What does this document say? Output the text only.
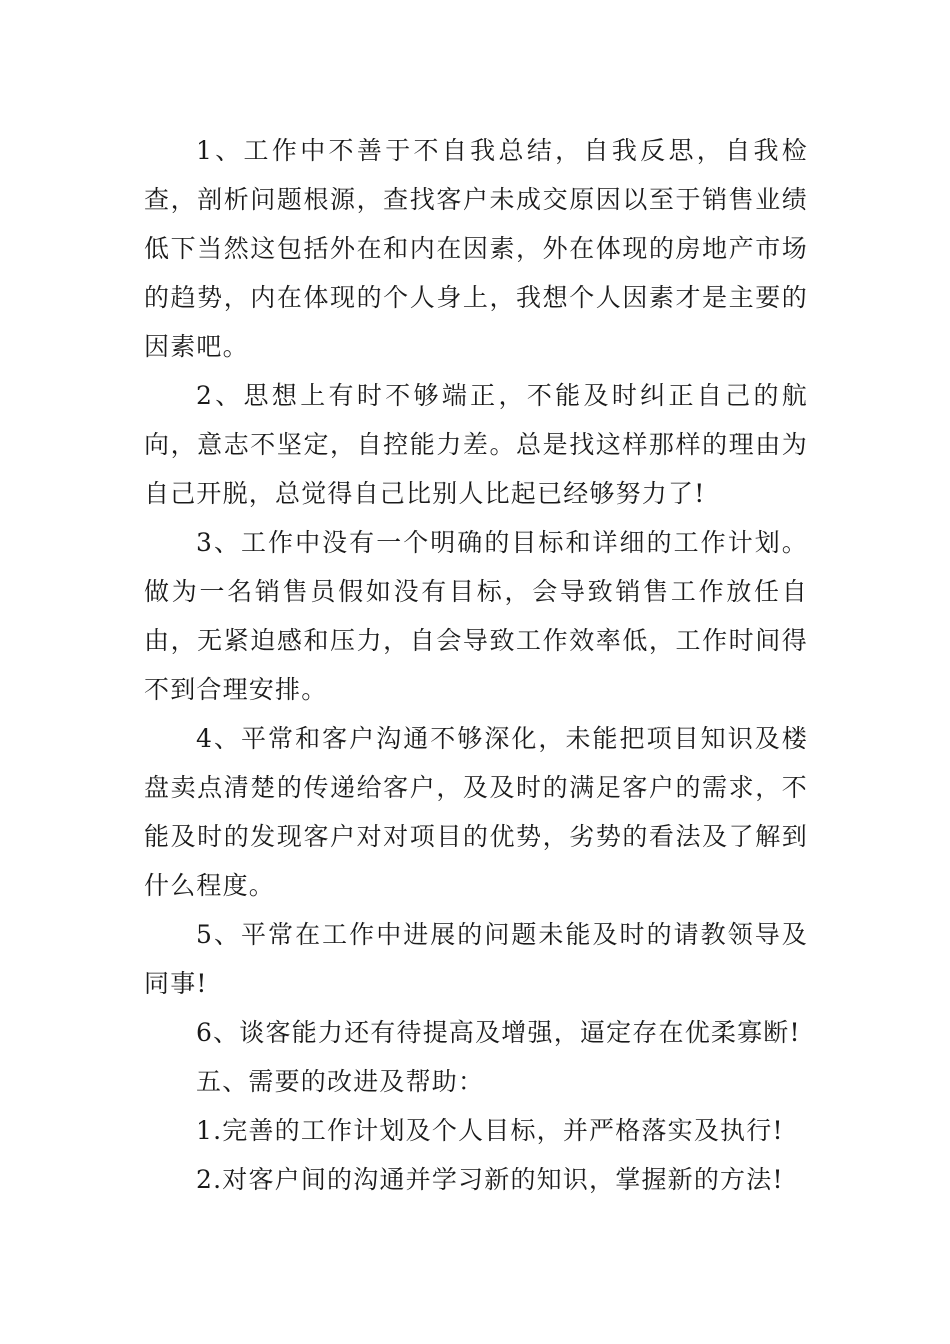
1、工作中不善于不自我总结，自我反思，自我检查，剖析问题根源，查找客户未成交原因以至于销售业绩低下当然这包括外在和内在因素，外在体现的房地产市场的趋势，内在体现的个人身上，我想个人因素才是主要的因素吧。

2、思想上有时不够端正，不能及时纠正自己的航向，意志不坚定，自控能力差。总是找这样那样的理由为自己开脱，总觉得自己比别人比起已经够努力了!

3、工作中没有一个明确的目标和详细的工作计划。做为一名销售员假如没有目标，会导致销售工作放任自由，无紧迫感和压力，自会导致工作效率低，工作时间得不到合理安排。

4、平常和客户沟通不够深化，未能把项目知识及楼盘卖点清楚的传递给客户，及及时的满足客户的需求，不能及时的发现客户对对项目的优势，劣势的看法及了解到什么程度。

5、平常在工作中进展的问题未能及时的请教领导及同事!

6、谈客能力还有待提高及增强，逼定存在优柔寡断!

五、需要的改进及帮助：

1.完善的工作计划及个人目标，并严格落实及执行!

2.对客户间的沟通并学习新的知识，掌握新的方法!
